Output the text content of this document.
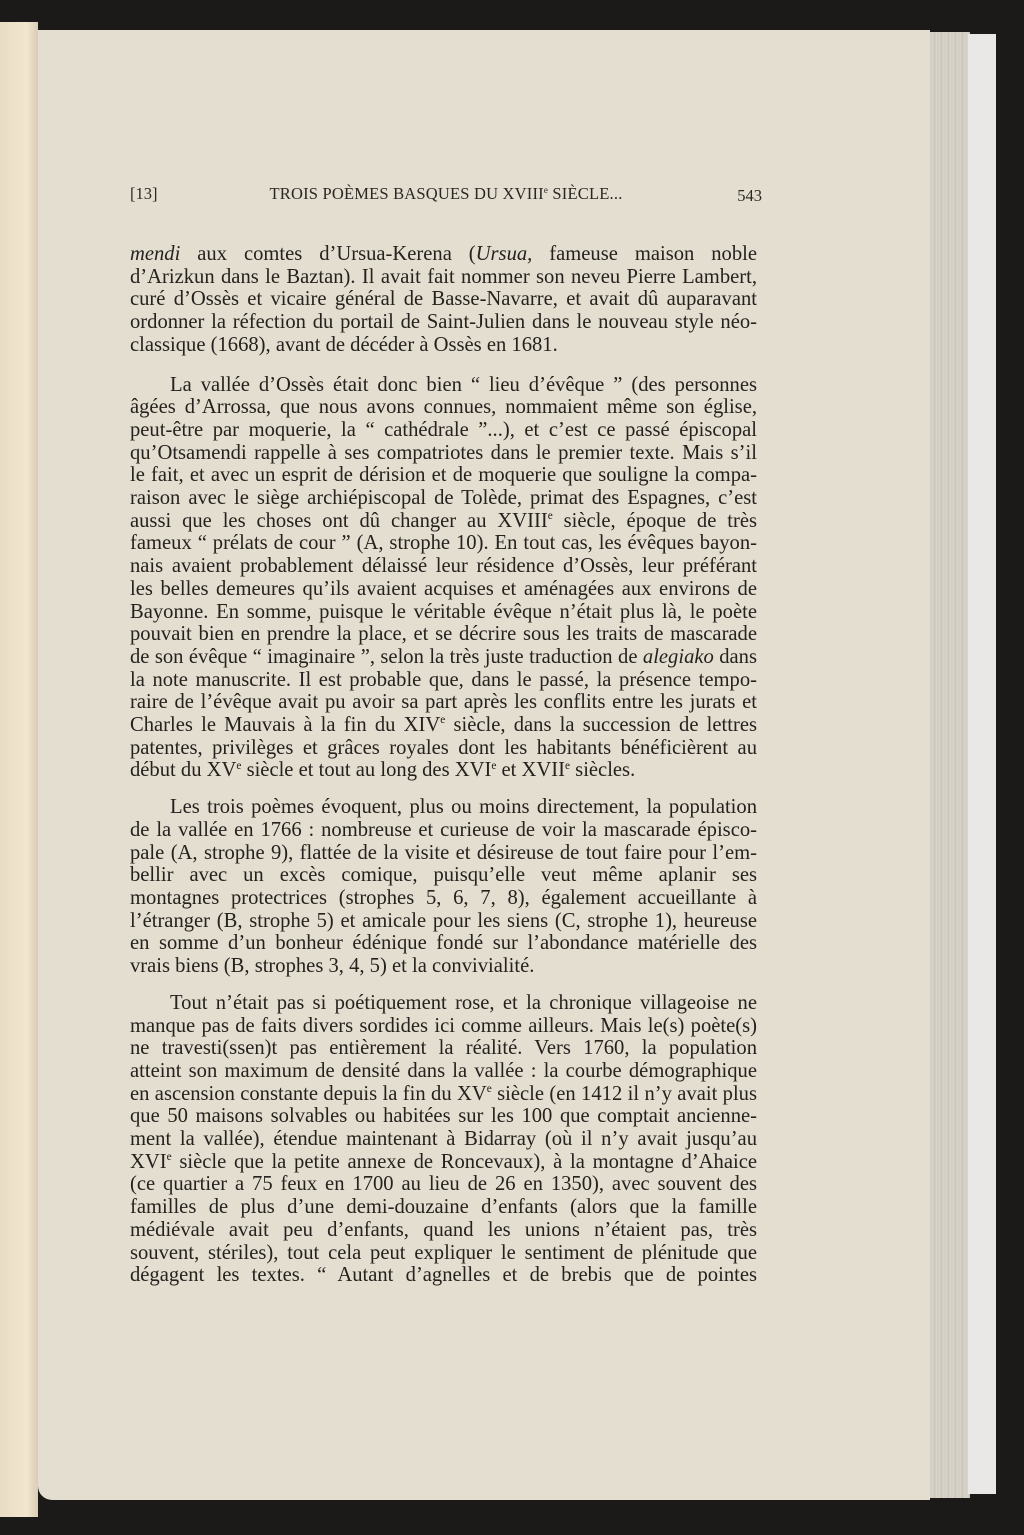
[13]	TROIS POÈMES BASQUES DU XVIIIe SIÈCLE...	543
mendi aux comtes d’Ursua-Kerena (Ursua, fameuse maison noble
d’Arizkun dans le Baztan). Il avait fait nommer son neveu Pierre Lambert,
curé d’Ossès et vicaire général de Basse-Navarre, et avait dû auparavant
ordonner la réfection du portail de Saint-Julien dans le nouveau style néo-
classique (1668), avant de décéder à Ossès en 1681.
La vallée d’Ossès était donc bien “ lieu d’évêque ” (des personnes
âgées d’Arrossa, que nous avons connues, nommaient même son église,
peut-être par moquerie, la “ cathédrale ”...), et c’est ce passé épiscopal
qu’Otsamendi rappelle à ses compatriotes dans le premier texte. Mais s’il
le fait, et avec un esprit de dérision et de moquerie que souligne la compa-
raison avec le siège archiépiscopal de Tolède, primat des Espagnes, c’est
aussi que les choses ont dû changer au XVIIIe siècle, époque de très
fameux “ prélats de cour ” (A, strophe 10). En tout cas, les évêques bayon-
nais avaient probablement délaissé leur résidence d’Ossès, leur préférant
les belles demeures qu’ils avaient acquises et aménagées aux environs de
Bayonne. En somme, puisque le véritable évêque n’était plus là, le poète
pouvait bien en prendre la place, et se décrire sous les traits de mascarade
de son évêque “ imaginaire ”, selon la très juste traduction de alegiako dans
la note manuscrite. Il est probable que, dans le passé, la présence tempo-
raire de l’évêque avait pu avoir sa part après les conflits entre les jurats et
Charles le Mauvais à la fin du XIVe siècle, dans la succession de lettres
patentes, privilèges et grâces royales dont les habitants bénéficièrent au
début du XVe siècle et tout au long des XVIe et XVIIe siècles.
Les trois poèmes évoquent, plus ou moins directement, la population
de la vallée en 1766 : nombreuse et curieuse de voir la mascarade épisco-
pale (A, strophe 9), flattée de la visite et désireuse de tout faire pour l’em-
bellir avec un excès comique, puisqu’elle veut même aplanir ses
montagnes protectrices (strophes 5, 6, 7, 8), également accueillante à
l’étranger (B, strophe 5) et amicale pour les siens (C, strophe 1), heureuse
en somme d’un bonheur édénique fondé sur l’abondance matérielle des
vrais biens (B, strophes 3, 4, 5) et la convivialité.
Tout n’était pas si poétiquement rose, et la chronique villageoise ne
manque pas de faits divers sordides ici comme ailleurs. Mais le(s) poète(s)
ne travesti(ssen)t pas entièrement la réalité. Vers 1760, la population
atteint son maximum de densité dans la vallée : la courbe démographique
en ascension constante depuis la fin du XVe siècle (en 1412 il n’y avait plus
que 50 maisons solvables ou habitées sur les 100 que comptait ancienne-
ment la vallée), étendue maintenant à Bidarray (où il n’y avait jusqu’au
XVIe siècle que la petite annexe de Roncevaux), à la montagne d’Ahaice
(ce quartier a 75 feux en 1700 au lieu de 26 en 1350), avec souvent des
familles de plus d’une demi-douzaine d’enfants (alors que la famille
médiévale avait peu d’enfants, quand les unions n’étaient pas, très
souvent, stériles), tout cela peut expliquer le sentiment de plénitude que
dégagent les textes. “ Autant d’agnelles et de brebis que de pointes
